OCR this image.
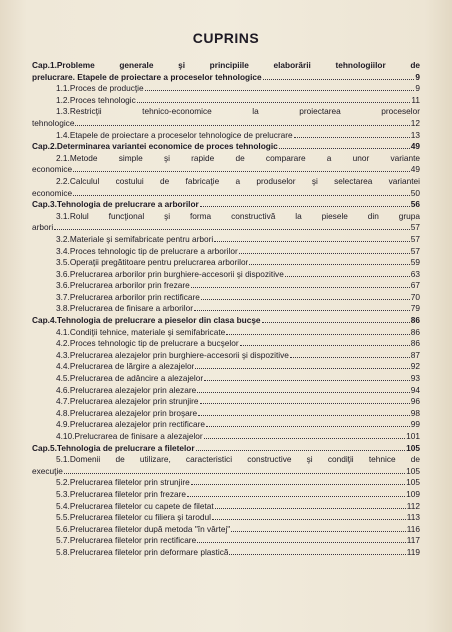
CUPRINS
Cap.1.Probleme generale şi principiile elaborării tehnologiilor de
prelucrare. Etapele de proiectare a proceselor tehnologice	9
1.1.Proces de producţie	9
1.2.Proces tehnologic	11
1.3.Restricţii tehnico-economice la proiectarea proceselor
tehnologice	12
1.4.Etapele de proiectare a proceselor tehnologice de prelucrare	13
Cap.2.Determinarea variantei economice de proces tehnologic	49
2.1.Metode simple şi rapide de comparare a unor variante
economice	49
2.2.Calculul costului de fabricaţie a produselor şi selectarea variantei
economice	50
Cap.3.Tehnologia de prelucrare a arborilor	56
3.1.Rolul funcţional şi forma constructivă la piesele din grupa
arbori	57
3.2.Materiale şi semifabricate pentru arbori	57
3.4.Proces tehnologic tip de prelucrare a arborilor	57
3.5.Operaţii pregătitoare pentru prelucrarea arborilor	59
3.6.Prelucrarea arborilor prin burghiere-accesorii şi dispozitive	63
3.6.Prelucrarea arborilor prin frezare	67
3.7.Prelucrarea arborilor prin rectificare	70
3.8.Prelucrarea de finisare a arborilor	79
Cap.4.Tehnologia de prelucrare a pieselor din clasa bucşe	86
4.1.Condiţii tehnice, materiale şi semifabricate	86
4.2.Proces tehnologic tip de prelucrare a bucşelor	86
4.3.Prelucrarea alezajelor prin burghiere-accesorii şi dispozitive	87
4.4.Prelucrarea de lărgire a alezajelor	92
4.5.Prelucrarea de adâncire a alezajelor	93
4.6.Prelucrarea alezajelor prin alezare	94
4.7.Prelucrarea alezajelor prin strunjire	96
4.8.Prelucrarea alezajelor prin broşare	98
4.9.Prelucrarea alezajelor prin rectificare	99
4.10.Prelucrarea de finisare a alezajelor	101
Cap.5.Tehnologia de prelucrare a filetelor	105
5.1.Domenii de utilizare, caracteristici constructive şi condiţii tehnice de
execuţie	105
5.2.Prelucrarea filetelor prin strunjire	105
5.3.Prelucrarea filetelor prin frezare	109
5.4.Prelucrarea filetelor cu capete de filetat	112
5.5.Prelucrarea filetelor cu filiera şi tarodul	113
5.6.Prelucrarea filetelor după metoda "în vârtej"	116
5.7.Prelucrarea filetelor prin rectificare	117
5.8.Prelucrarea filetelor prin deformare plastică	119
